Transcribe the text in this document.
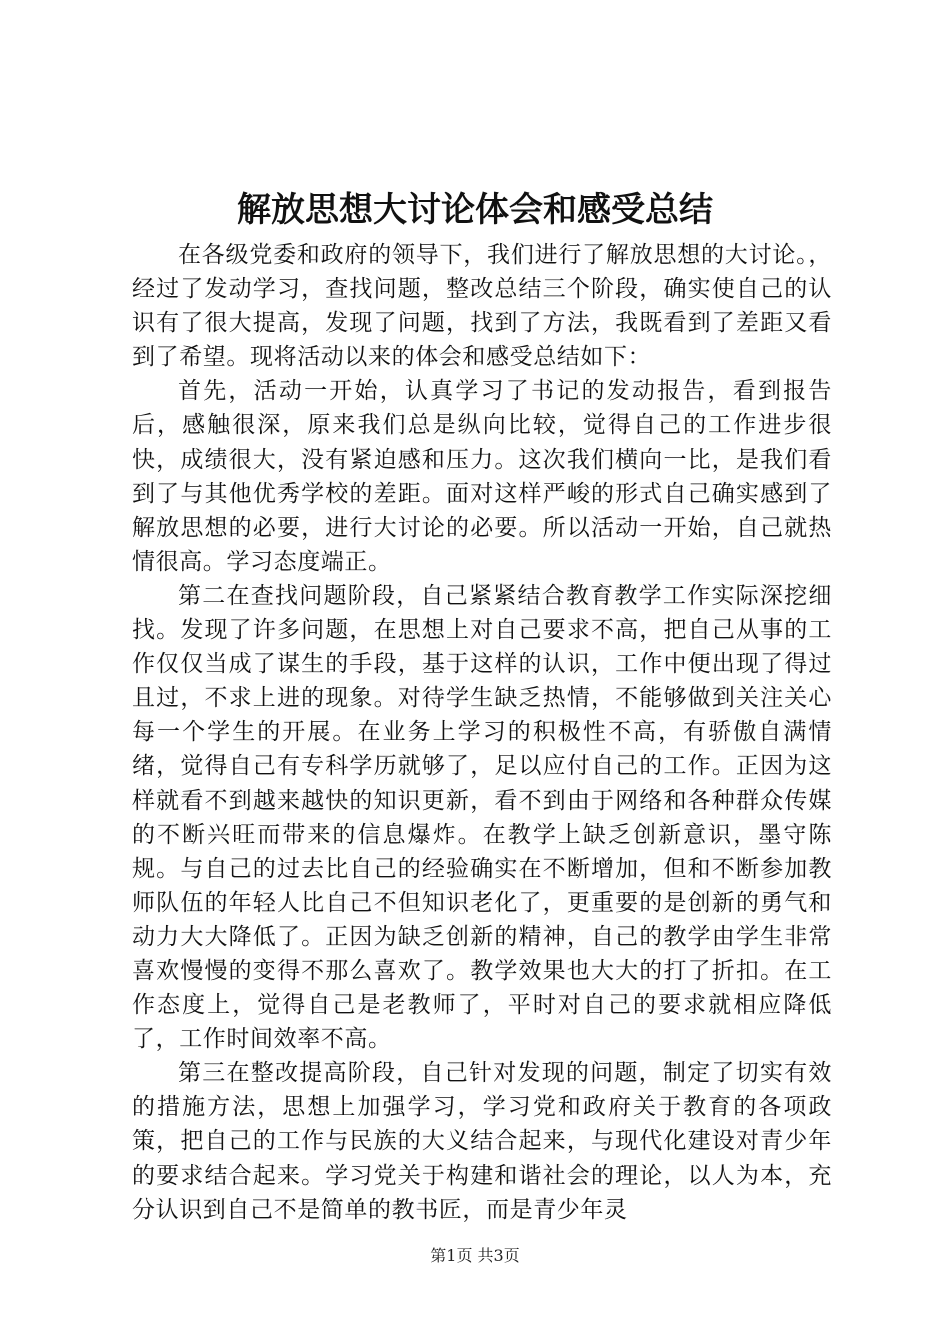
解放思想大讨论体会和感受总结

在各级党委和政府的领导下，我们进行了解放思想的大讨论。，经过了发动学习，查找问题，整改总结三个阶段，确实使自己的认识有了很大提高，发现了问题，找到了方法，我既看到了差距又看到了希望。现将活动以来的体会和感受总结如下：

首先，活动一开始，认真学习了书记的发动报告，看到报告后，感触很深，原来我们总是纵向比较，觉得自己的工作进步很快，成绩很大，没有紧迫感和压力。这次我们横向一比，是我们看到了与其他优秀学校的差距。面对这样严峻的形式自己确实感到了解放思想的必要，进行大讨论的必要。所以活动一开始，自己就热情很高。学习态度端正。

第二在查找问题阶段，自己紧紧结合教育教学工作实际深挖细找。发现了许多问题，在思想上对自己要求不高，把自己从事的工作仅仅当成了谋生的手段，基于这样的认识，工作中便出现了得过且过，不求上进的现象。对待学生缺乏热情，不能够做到关注关心每一个学生的开展。在业务上学习的积极性不高，有骄傲自满情绪，觉得自己有专科学历就够了，足以应付自己的工作。正因为这样就看不到越来越快的知识更新，看不到由于网络和各种群众传媒的不断兴旺而带来的信息爆炸。在教学上缺乏创新意识，墨守陈规。与自己的过去比自己的经验确实在不断增加，但和不断参加教师队伍的年轻人比自己不但知识老化了，更重要的是创新的勇气和动力大大降低了。正因为缺乏创新的精神，自己的教学由学生非常喜欢慢慢的变得不那么喜欢了。教学效果也大大的打了折扣。在工作态度上，觉得自己是老教师了，平时对自己的要求就相应降低了，工作时间效率不高。

第三在整改提高阶段，自己针对发现的问题，制定了切实有效的措施方法，思想上加强学习，学习党和政府关于教育的各项政策，把自己的工作与民族的大义结合起来，与现代化建设对青少年的要求结合起来。学习党关于构建和谐社会的理论，以人为本，充分认识到自己不是简单的教书匠，而是青少年灵

第1页 共3页
